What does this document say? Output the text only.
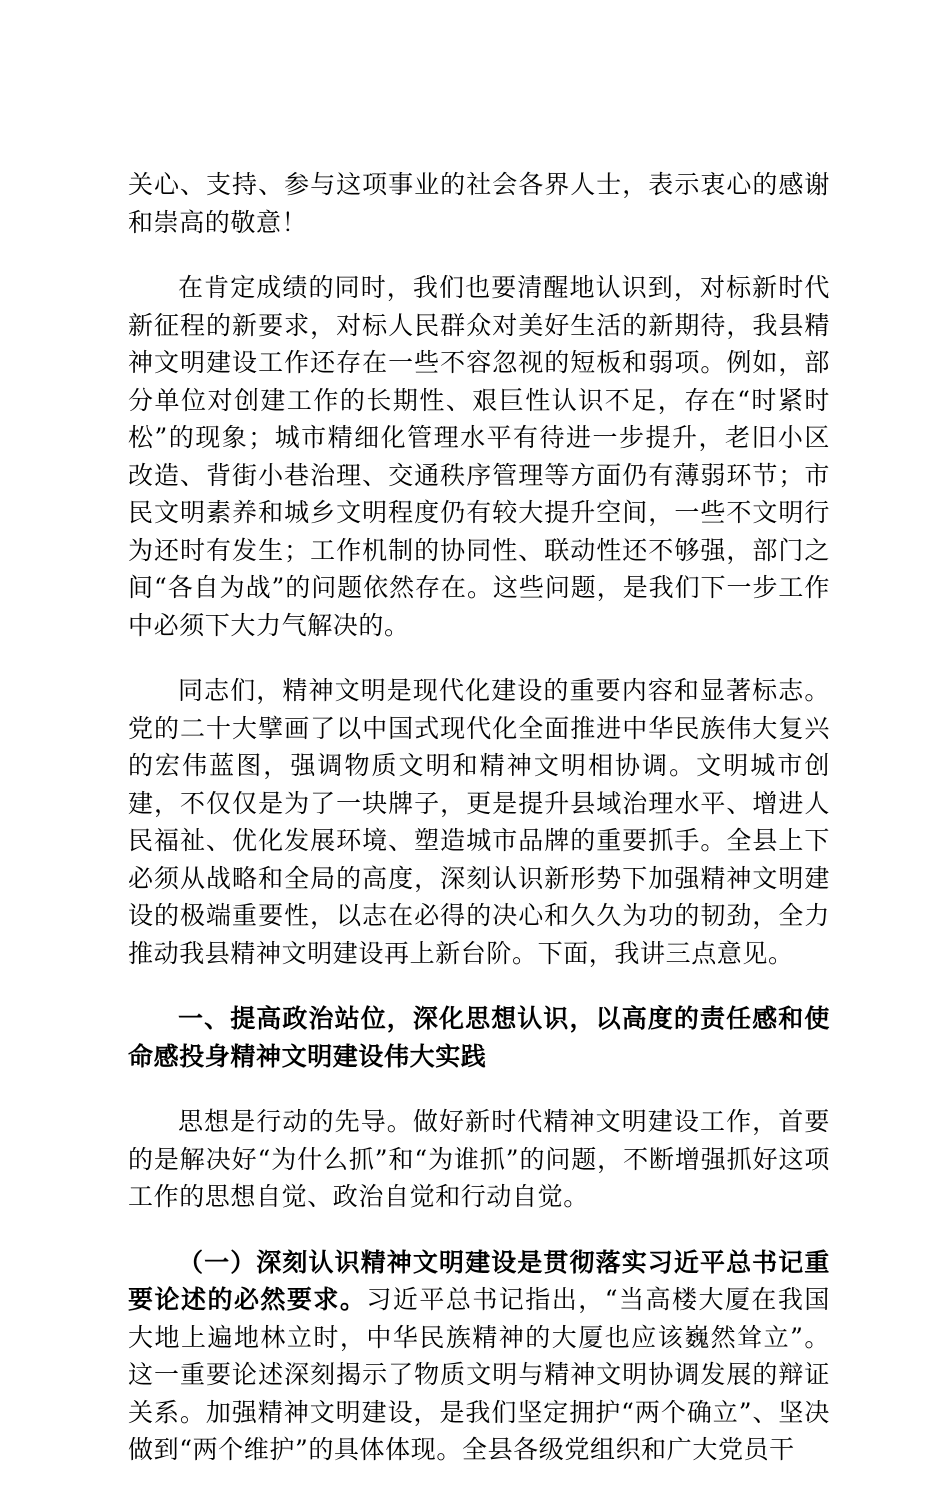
关心、支持、参与这项事业的社会各界人士，表示衷心的感谢和崇高的敬意！

在肯定成绩的同时，我们也要清醒地认识到，对标新时代新征程的新要求，对标人民群众对美好生活的新期待，我县精神文明建设工作还存在一些不容忽视的短板和弱项。例如，部分单位对创建工作的长期性、艰巨性认识不足，存在“时紧时松”的现象；城市精细化管理水平有待进一步提升，老旧小区改造、背街小巷治理、交通秩序管理等方面仍有薄弱环节；市民文明素养和城乡文明程度仍有较大提升空间，一些不文明行为还时有发生；工作机制的协同性、联动性还不够强，部门之间“各自为战”的问题依然存在。这些问题，是我们下一步工作中必须下大力气解决的。

同志们，精神文明是现代化建设的重要内容和显著标志。党的二十大擘画了以中国式现代化全面推进中华民族伟大复兴的宏伟蓝图，强调物质文明和精神文明相协调。文明城市创建，不仅仅是为了一块牌子，更是提升县域治理水平、增进人民福祉、优化发展环境、塑造城市品牌的重要抓手。全县上下必须从战略和全局的高度，深刻认识新形势下加强精神文明建设的极端重要性，以志在必得的决心和久久为功的韧劲，全力推动我县精神文明建设再上新台阶。下面，我讲三点意见。

一、提高政治站位，深化思想认识，以高度的责任感和使命感投身精神文明建设伟大实践

思想是行动的先导。做好新时代精神文明建设工作，首要的是解决好“为什么抓”和“为谁抓”的问题，不断增强抓好这项工作的思想自觉、政治自觉和行动自觉。

（一）深刻认识精神文明建设是贯彻落实习近平总书记重要论述的必然要求。习近平总书记指出，“当高楼大厦在我国大地上遍地林立时，中华民族精神的大厦也应该巍然耸立”。这一重要论述深刻揭示了物质文明与精神文明协调发展的辩证关系。加强精神文明建设，是我们坚定拥护“两个确立”、坚决做到“两个维护”的具体体现。全县各级党组织和广大党员干
